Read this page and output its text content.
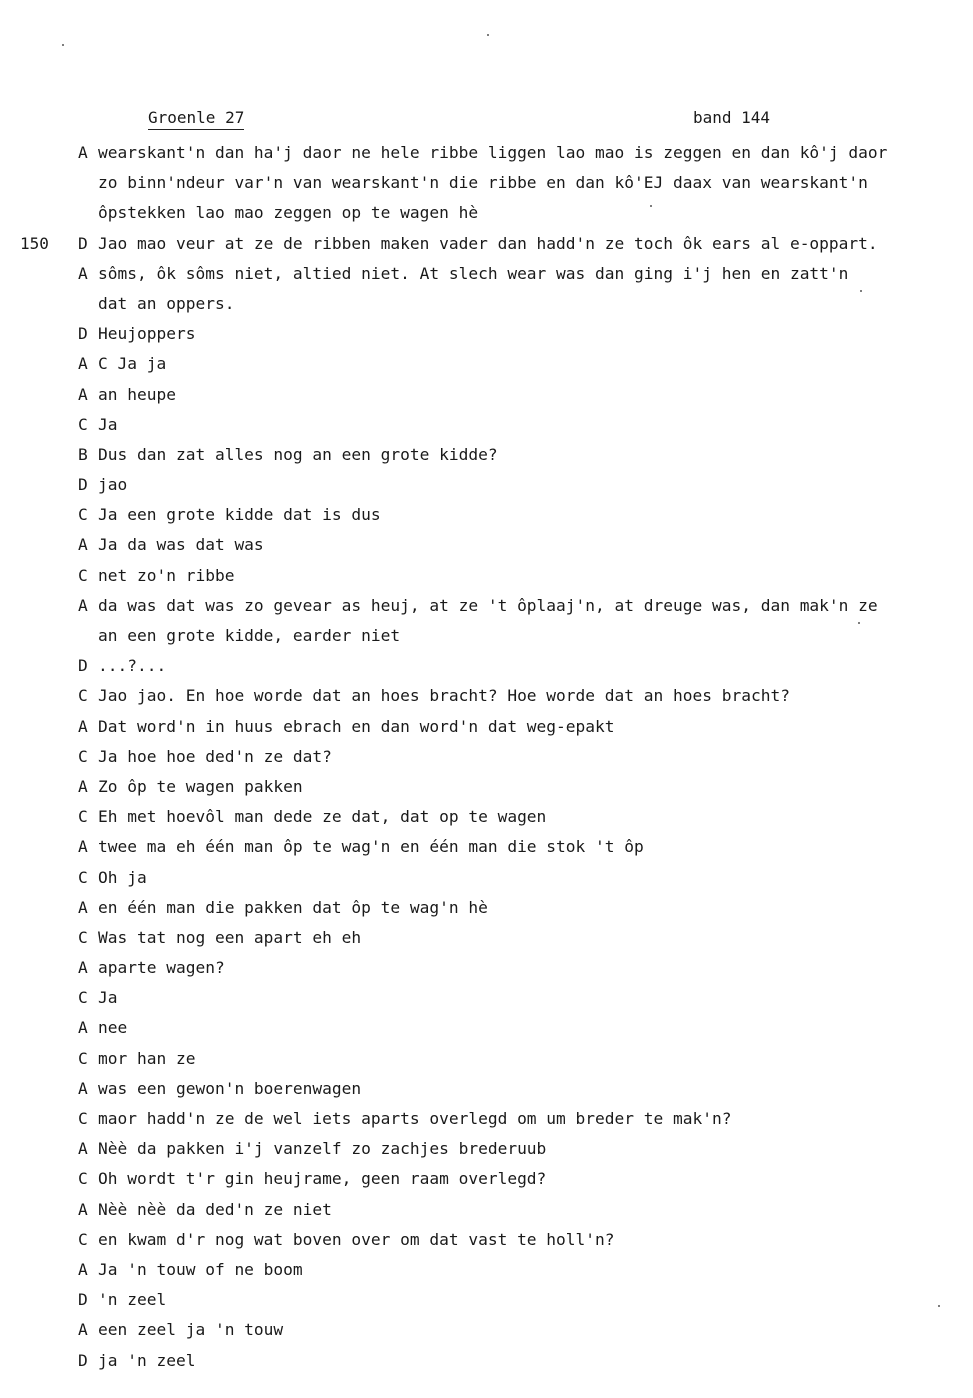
Groenle 27	band 144
A wearskant'n dan ha'j daor ne hele ribbe liggen lao mao is zeggen en dan kô'j daor
zo binn'ndeur var'n van wearskant'n die ribbe en dan kô'EJ daax van wearskant'n
ôpstekken lao mao zeggen op te wagen hè
150 D Jao mao veur at ze de ribben maken vader dan hadd'n ze toch ôk ears al e-oppart.
A sôms, ôk sôms niet, altied niet. At slech wear was dan ging i'j hen en zatt'n
dat an oppers.
D Heujoppers
A C Ja ja
A an heupe
C Ja
B Dus dan zat alles nog an een grote kidde?
D jao
C Ja een grote kidde dat is dus
A Ja da was dat was
C net zo'n ribbe
A da was dat was zo gevear as heuj, at ze 't ôplaaj'n, at dreuge was, dan mak'n ze
an een grote kidde, earder niet
D ...?...
C Jao jao. En hoe worde dat an hoes bracht? Hoe worde dat an hoes bracht?
A Dat word'n in huus ebrach en dan word'n dat weg-epakt
C Ja hoe hoe ded'n ze dat?
A Zo ôp te wagen pakken
C Eh met hoevôl man dede ze dat, dat op te wagen
A twee ma eh één man ôp te wag'n en één man die stok 't ôp
C Oh ja
A en één man die pakken dat ôp te wag'n hè
C Was tat nog een apart eh eh
A aparte wagen?
C Ja
A nee
C mor han ze
A was een gewon'n boerenwagen
C maor hadd'n ze de wel iets aparts overlegd om um breder te mak'n?
A Nèè da pakken i'j vanzelf zo zachjes brederuub
C Oh wordt t'r gin heujrame, geen raam overlegd?
A Nèè nèè da ded'n ze niet
C en kwam d'r nog wat boven over om dat vast te holl'n?
A Ja 'n touw of ne boom
D 'n zeel
A een zeel ja 'n touw
D ja 'n zeel
